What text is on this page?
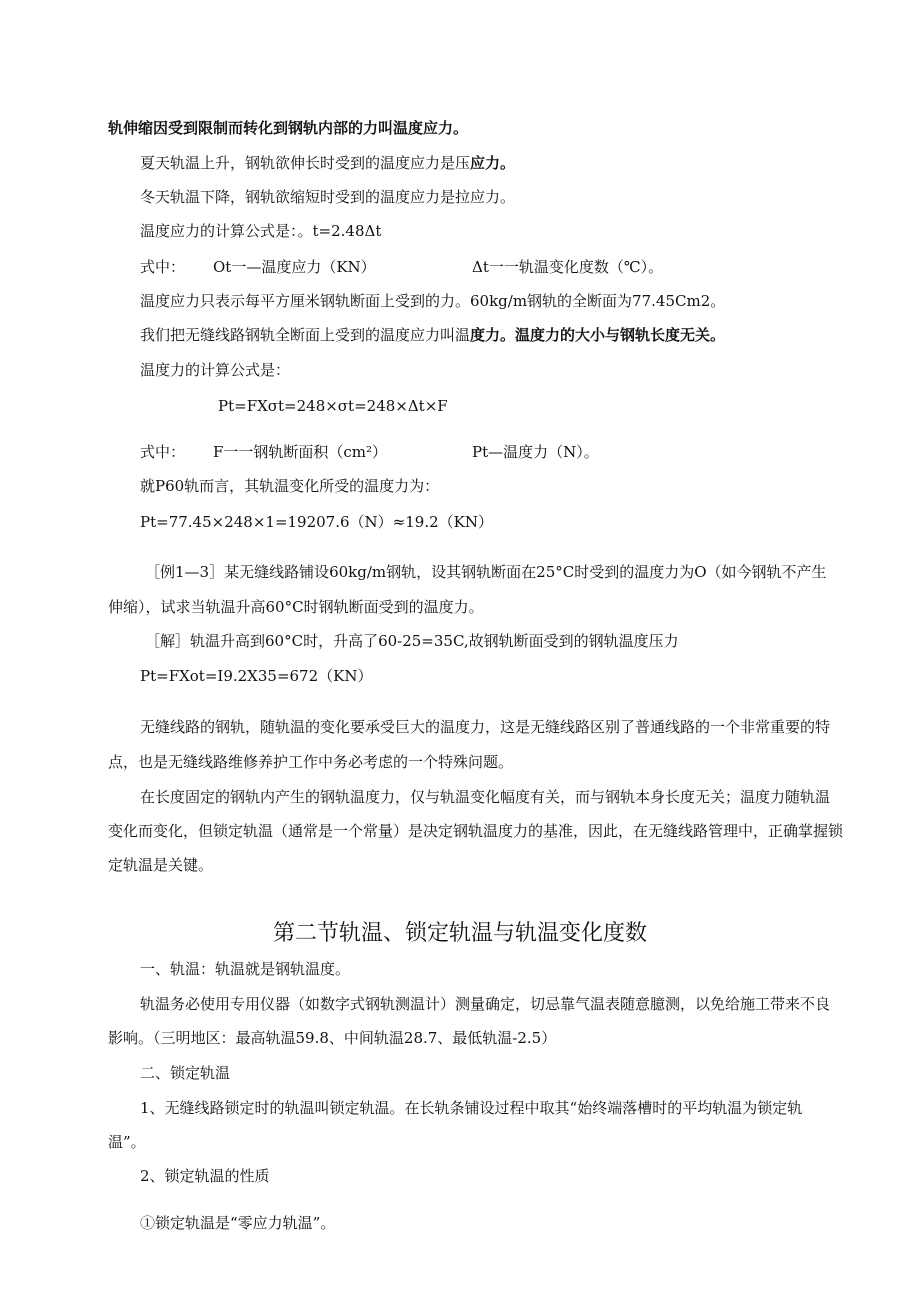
轨伸缩因受到限制而转化到钢轨内部的力叫温度应力。
夏天轨温上升，钢轨欲伸长时受到的温度应力是压应力。
冬天轨温下降，钢轨欲缩短时受到的温度应力是拉应力。
温度应力的计算公式是：。t=2.48Δt
式中： Ot一—温度应力（KN）	Δt一一轨温变化度数（℃）。
温度应力只表示每平方厘米钢轨断面上受到的力。60kg∕m钢轨的全断面为77.45Cm2。
我们把无缝线路钢轨全断面上受到的温度应力叫温度力。温度力的大小与钢轨长度无关。
温度力的计算公式是：
Pt=FXσt=248×σt=248×Δt×F
式中： F一一钢轨断面积（cm²）	Pt—温度力（N）。
就P60轨而言，其轨温变化所受的温度力为：
Pt=77.45×248×1=19207.6（N）≈19.2（KN）
［例1—3］某无缝线路铺设60kg∕m钢轨，设其钢轨断面在25°C时受到的温度力为O（如今钢轨不产生
伸缩），试求当轨温升高60°C时钢轨断面受到的温度力。
［解］轨温升高到60°C时，升高了60-25=35C,故钢轨断面受到的钢轨温度压力
Pt=FXot=I9.2X35=672（KN）
无缝线路的钢轨，随轨温的变化要承受巨大的温度力，这是无缝线路区别了普通线路的一个非常重要的特
点，也是无缝线路维修养护工作中务必考虑的一个特殊问题。
在长度固定的钢轨内产生的钢轨温度力，仅与轨温变化幅度有关，而与钢轨本身长度无关；温度力随轨温
变化而变化，但锁定轨温（通常是一个常量）是决定钢轨温度力的基准，因此，在无缝线路管理中，正确掌握锁
定轨温是关键。
第二节轨温、锁定轨温与轨温变化度数
一、轨温：轨温就是钢轨温度。
轨温务必使用专用仪器（如数字式钢轨测温计）测量确定，切忌靠气温表随意臆测，以免给施工带来不良
影响。（三明地区：最高轨温59.8、中间轨温28.7、最低轨温-2.5）
二、锁定轨温
1、无缝线路锁定时的轨温叫锁定轨温。在长轨条铺设过程中取其“始终端落槽时的平均轨温为锁定轨
温”。
2、锁定轨温的性质
①锁定轨温是“零应力轨温”。
